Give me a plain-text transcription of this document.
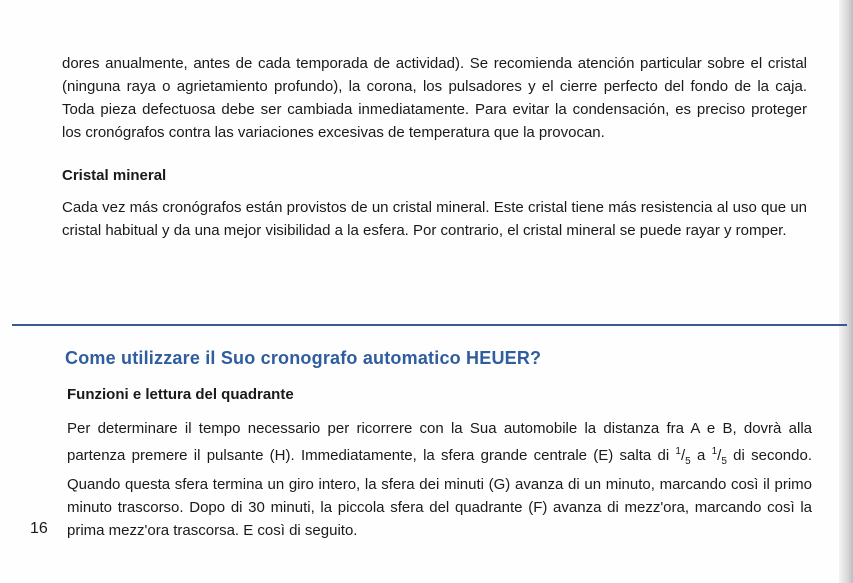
dores anualmente, antes de cada temporada de actividad). Se recomienda atención particular sobre el cristal (ninguna raya o agrietamiento profundo), la corona, los pulsadores y el cierre perfecto del fondo de la caja. Toda pieza defectuosa debe ser cambiada inmediatamente. Para evitar la condensación, es preciso proteger los cronógrafos contra las variaciones excesivas de temperatura que la provocan.

Cristal mineral

Cada vez más cronógrafos están provistos de un cristal mineral. Este cristal tiene más resistencia al uso que un cristal habitual y da una mejor visibilidad a la esfera. Por contrario, el cristal mineral se puede rayar y romper.

Come utilizzare il Suo cronografo automatico HEUER?
Funzioni e lettura del quadrante

Per determinare il tempo necessario per ricorrere con la Sua automobile la distanza fra A e B, dovrà alla partenza premere il pulsante (H). Immediatamente, la sfera grande centrale (E) salta di $^1/_5$ a $^1/_5$ di secondo. Quando questa sfera termina un giro intero, la sfera dei minuti (G) avanza di un minuto, marcando così il primo minuto trascorso. Dopo di 30 minuti, la piccola sfera del quadrante (F) avanza di mezz'ora, marcando così la prima mezz'ora trascorsa. E così di seguito.

16
